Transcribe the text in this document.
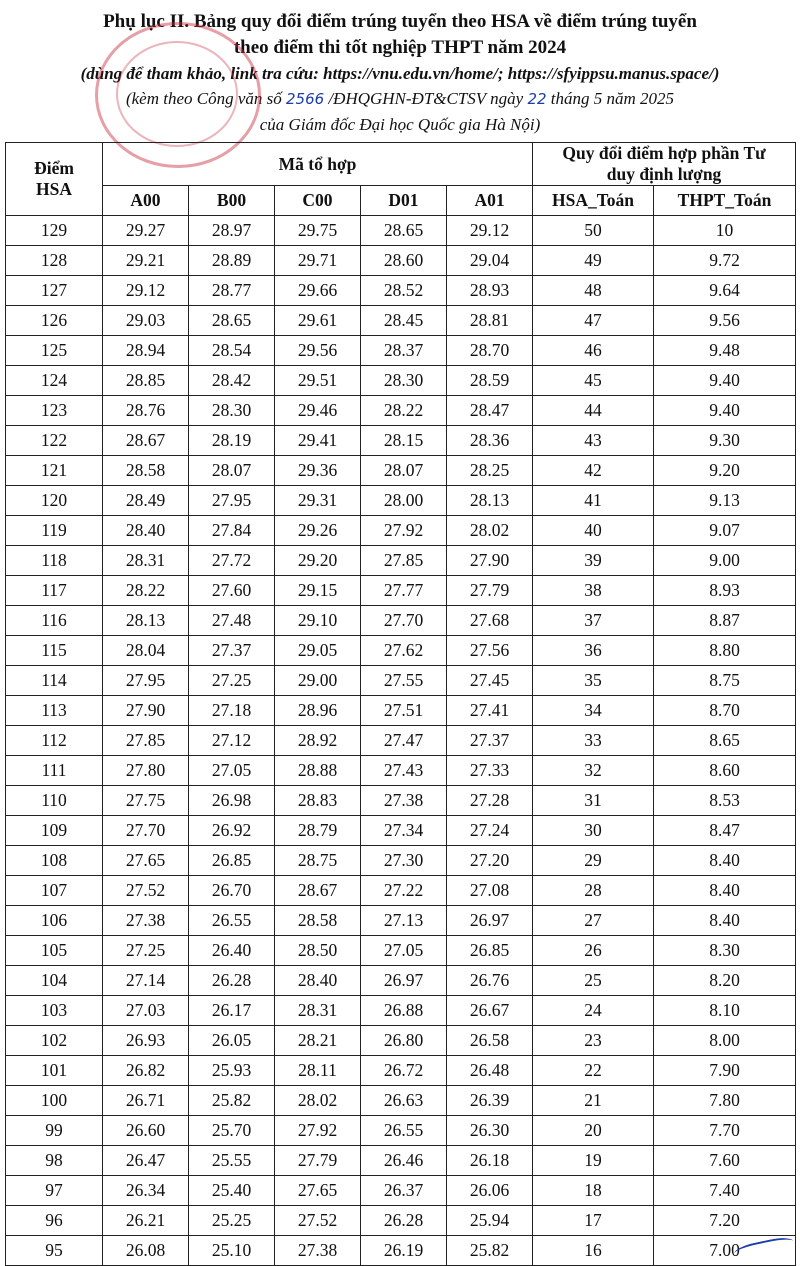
Phụ lục II. Bảng quy đổi điểm trúng tuyển theo HSA về điểm trúng tuyển
theo điểm thi tốt nghiệp THPT năm 2024
(dùng để tham khảo, link tra cứu: https://vnu.edu.vn/home/; https://sfyippsu.manus.space/)
(kèm theo Công văn số 2566 /ĐHQGHN-ĐT&CTSV ngày 22 tháng 5 năm 2025
của Giám đốc Đại học Quốc gia Hà Nội)
Điểm HSA	Mã tổ hợp					Quy đổi điểm hợp phần Tư duy định lượng	
	A00	B00	C00	D01	A01	HSA_Toán	THPT_Toán
129	29.27	28.97	29.75	28.65	29.12	50	10
128	29.21	28.89	29.71	28.60	29.04	49	9.72
127	29.12	28.77	29.66	28.52	28.93	48	9.64
126	29.03	28.65	29.61	28.45	28.81	47	9.56
125	28.94	28.54	29.56	28.37	28.70	46	9.48
124	28.85	28.42	29.51	28.30	28.59	45	9.40
123	28.76	28.30	29.46	28.22	28.47	44	9.40
122	28.67	28.19	29.41	28.15	28.36	43	9.30
121	28.58	28.07	29.36	28.07	28.25	42	9.20
120	28.49	27.95	29.31	28.00	28.13	41	9.13
119	28.40	27.84	29.26	27.92	28.02	40	9.07
118	28.31	27.72	29.20	27.85	27.90	39	9.00
117	28.22	27.60	29.15	27.77	27.79	38	8.93
116	28.13	27.48	29.10	27.70	27.68	37	8.87
115	28.04	27.37	29.05	27.62	27.56	36	8.80
114	27.95	27.25	29.00	27.55	27.45	35	8.75
113	27.90	27.18	28.96	27.51	27.41	34	8.70
112	27.85	27.12	28.92	27.47	27.37	33	8.65
111	27.80	27.05	28.88	27.43	27.33	32	8.60
110	27.75	26.98	28.83	27.38	27.28	31	8.53
109	27.70	26.92	28.79	27.34	27.24	30	8.47
108	27.65	26.85	28.75	27.30	27.20	29	8.40
107	27.52	26.70	28.67	27.22	27.08	28	8.40
106	27.38	26.55	28.58	27.13	26.97	27	8.40
105	27.25	26.40	28.50	27.05	26.85	26	8.30
104	27.14	26.28	28.40	26.97	26.76	25	8.20
103	27.03	26.17	28.31	26.88	26.67	24	8.10
102	26.93	26.05	28.21	26.80	26.58	23	8.00
101	26.82	25.93	28.11	26.72	26.48	22	7.90
100	26.71	25.82	28.02	26.63	26.39	21	7.80
99	26.60	25.70	27.92	26.55	26.30	20	7.70
98	26.47	25.55	27.79	26.46	26.18	19	7.60
97	26.34	25.40	27.65	26.37	26.06	18	7.40
96	26.21	25.25	27.52	26.28	25.94	17	7.20
95	26.08	25.10	27.38	26.19	25.82	16	7.00
